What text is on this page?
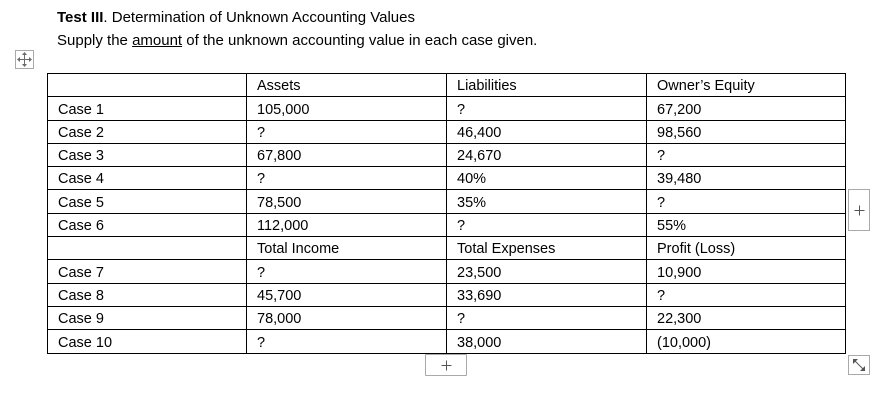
Test III. Determination of Unknown Accounting Values
Supply the amount of the unknown accounting value in each case given.
	Assets	Liabilities	Owner’s Equity
Case 1	105,000	?	67,200
Case 2	?	46,400	98,560
Case 3	67,800	24,670	?
Case 4	?	40%	39,480
Case 5	78,500	35%	?
Case 6	112,000	?	55%
	Total Income	Total Expenses	Profit (Loss)
Case 7	?	23,500	10,900
Case 8	45,700	33,690	?
Case 9	78,000	?	22,300
Case 10	?	38,000	(10,000)
